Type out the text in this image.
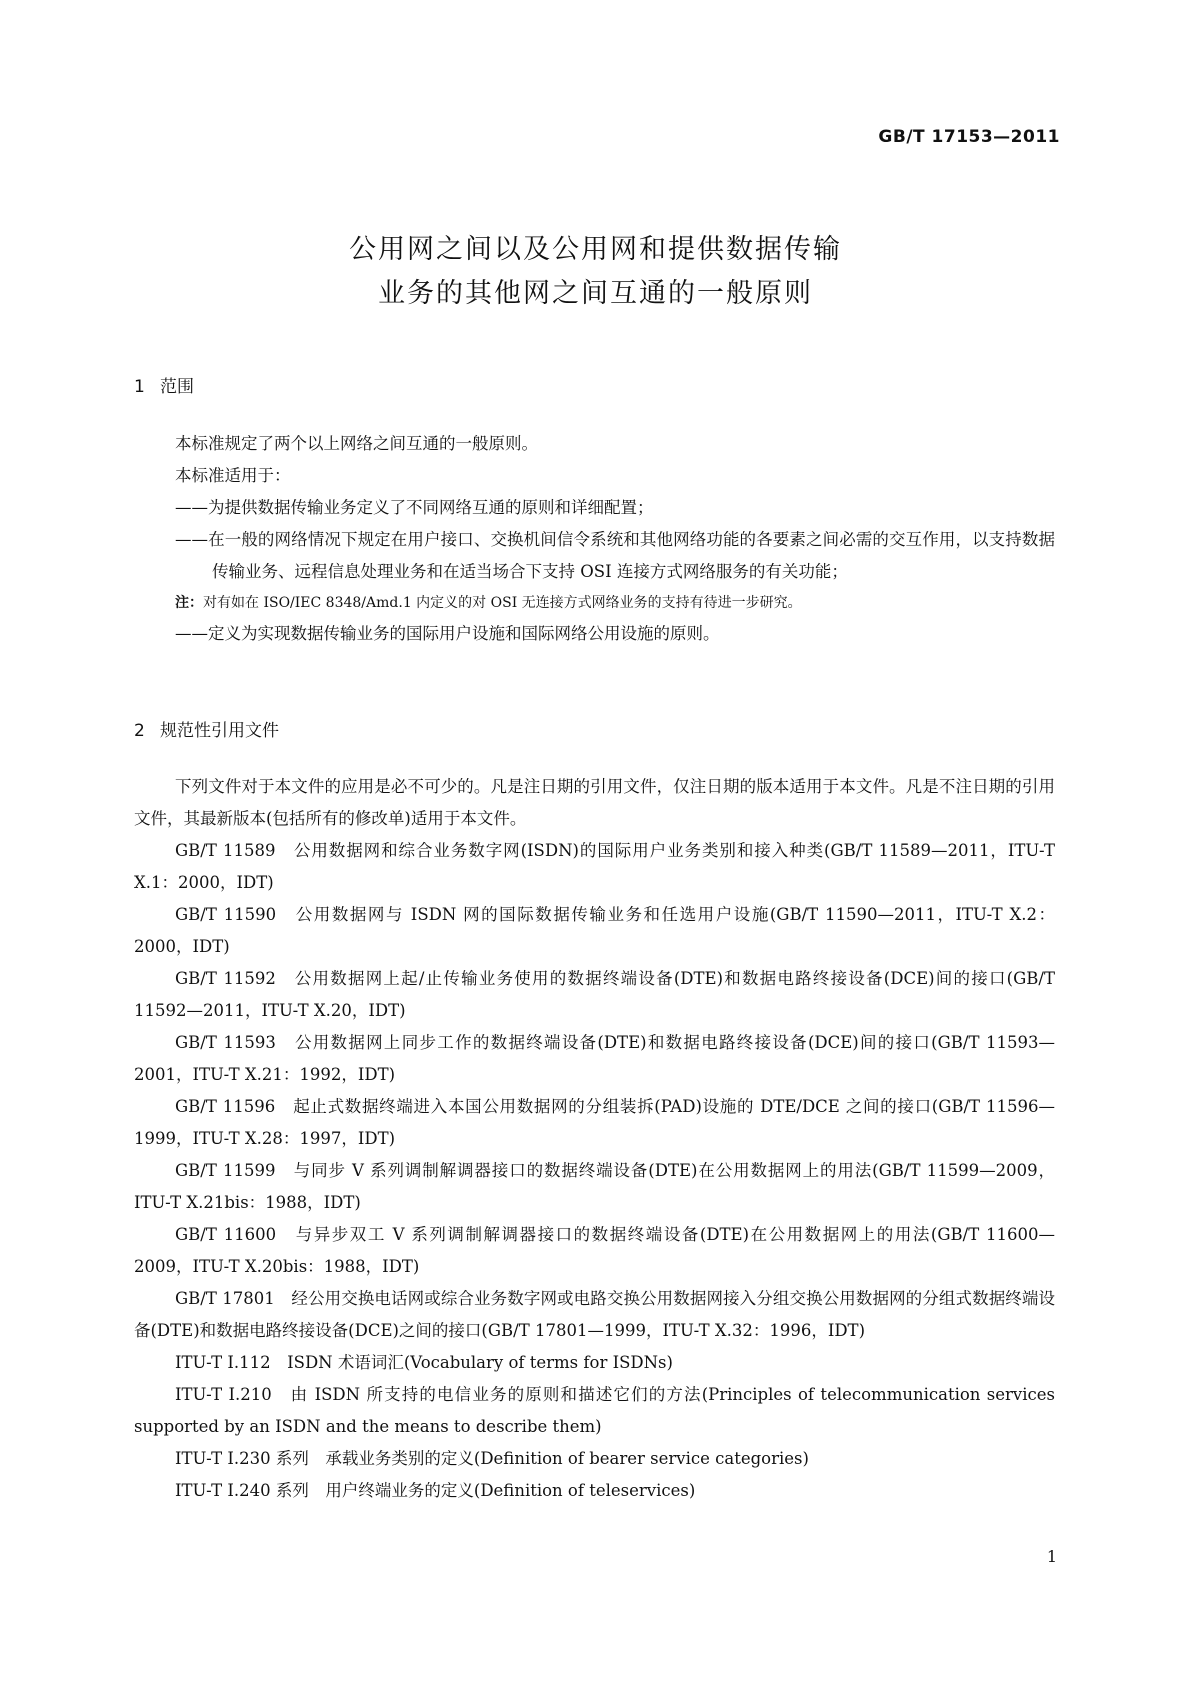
GB/T 17153—2011
公用网之间以及公用网和提供数据传输
业务的其他网之间互通的一般原则
1 范围

本标准规定了两个以上网络之间互通的一般原则。

本标准适用于：

——为提供数据传输业务定义了不同网络互通的原则和详细配置；

——在一般的网络情况下规定在用户接口、交换机间信令系统和其他网络功能的各要素之间必需的交互作用，以支持数据传输业务、远程信息处理业务和在适当场合下支持 OSI 连接方式网络服务的有关功能；

注：对有如在 ISO/IEC 8348/Amd.1 内定义的对 OSI 无连接方式网络业务的支持有待进一步研究。

——定义为实现数据传输业务的国际用户设施和国际网络公用设施的原则。

2 规范性引用文件

下列文件对于本文件的应用是必不可少的。凡是注日期的引用文件，仅注日期的版本适用于本文件。凡是不注日期的引用文件，其最新版本(包括所有的修改单)适用于本文件。

GB/T 11589　公用数据网和综合业务数字网(ISDN)的国际用户业务类别和接入种类(GB/T 11589—2011，ITU-T X.1：2000，IDT)

GB/T 11590　公用数据网与 ISDN 网的国际数据传输业务和任选用户设施(GB/T 11590—2011，ITU-T X.2：2000，IDT)

GB/T 11592　公用数据网上起/止传输业务使用的数据终端设备(DTE)和数据电路终接设备(DCE)间的接口(GB/T 11592—2011，ITU-T X.20，IDT)

GB/T 11593　公用数据网上同步工作的数据终端设备(DTE)和数据电路终接设备(DCE)间的接口(GB/T 11593—2001，ITU-T X.21：1992，IDT)

GB/T 11596　起止式数据终端进入本国公用数据网的分组装拆(PAD)设施的 DTE/DCE 之间的接口(GB/T 11596—1999，ITU-T X.28：1997，IDT)

GB/T 11599　与同步 V 系列调制解调器接口的数据终端设备(DTE)在公用数据网上的用法(GB/T 11599—2009，ITU-T X.21bis：1988，IDT)

GB/T 11600　与异步双工 V 系列调制解调器接口的数据终端设备(DTE)在公用数据网上的用法(GB/T 11600—2009，ITU-T X.20bis：1988，IDT)

GB/T 17801　经公用交换电话网或综合业务数字网或电路交换公用数据网接入分组交换公用数据网的分组式数据终端设备(DTE)和数据电路终接设备(DCE)之间的接口(GB/T 17801—1999，ITU-T X.32：1996，IDT)

ITU-T I.112　ISDN 术语词汇(Vocabulary of terms for ISDNs)

ITU-T I.210　由 ISDN 所支持的电信业务的原则和描述它们的方法(Principles of telecommunication services supported by an ISDN and the means to describe them)

ITU-T I.230 系列　承载业务类别的定义(Definition of bearer service categories)

ITU-T I.240 系列　用户终端业务的定义(Definition of teleservices)

1
